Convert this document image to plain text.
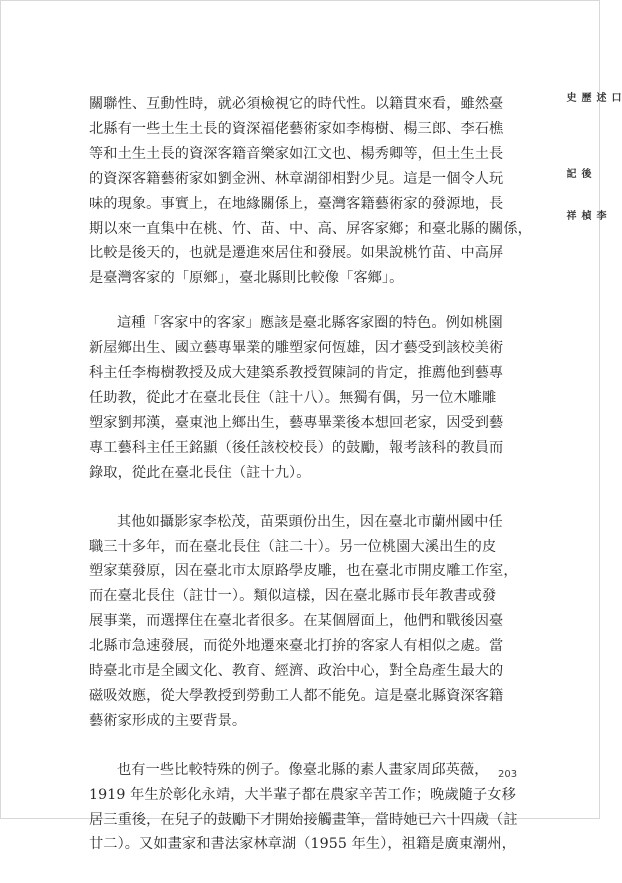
關聯性、互動性時，就必須檢視它的時代性。以籍貫來看，雖然臺
北縣有一些土生土長的資深福佬藝術家如李梅樹、楊三郎、李石樵
等和土生土長的資深客籍音樂家如江文也、楊秀卿等，但土生土長
的資深客籍藝術家如劉金洲、林章湖卻相對少見。這是一個令人玩
味的現象。事實上，在地緣關係上，臺灣客籍藝術家的發源地，長
期以來一直集中在桃、竹、苗、中、高、屏客家鄉；和臺北縣的關係，
比較是後天的，也就是遷進來居住和發展。如果說桃竹苗、中高屏
是臺灣客家的「原鄉」，臺北縣則比較像「客鄉」。

這種「客家中的客家」應該是臺北縣客家圈的特色。例如桃園
新屋鄉出生、國立藝專畢業的雕塑家何恆雄，因才藝受到該校美術
科主任李梅樹教授及成大建築系教授賀陳詞的肯定，推薦他到藝專
任助教，從此才在臺北長住（註十八）。無獨有偶，另一位木雕雕
塑家劉邦漢，臺東池上鄉出生，藝專畢業後本想回老家，因受到藝
專工藝科主任王銘顯（後任該校校長）的鼓勵，報考該科的教員而
錄取，從此在臺北長住（註十九）。

其他如攝影家李松茂，苗栗頭份出生，因在臺北市蘭州國中任
職三十多年，而在臺北長住（註二十）。另一位桃園大溪出生的皮
塑家葉發原，因在臺北市太原路學皮雕，也在臺北市開皮雕工作室，
而在臺北長住（註廿一）。類似這樣，因在臺北縣市長年教書或發
展事業，而選擇住在臺北者很多。在某個層面上，他們和戰後因臺
北縣市急速發展，而從外地遷來臺北打拚的客家人有相似之處。當
時臺北市是全國文化、教育、經濟、政治中心，對全島產生最大的
磁吸效應，從大學教授到勞動工人都不能免。這是臺北縣資深客籍
藝術家形成的主要背景。

也有一些比較特殊的例子。像臺北縣的素人畫家周邱英薇，
1919 年生於彰化永靖，大半輩子都在農家辛苦工作；晚歲隨子女移
居三重後，在兒子的鼓勵下才開始接觸畫筆，當時她已六十四歲（註
廿二）。又如畫家和書法家林章湖（1955 年生），祖籍是廣東潮州，

口述歷史
後記
李楨祥
203
